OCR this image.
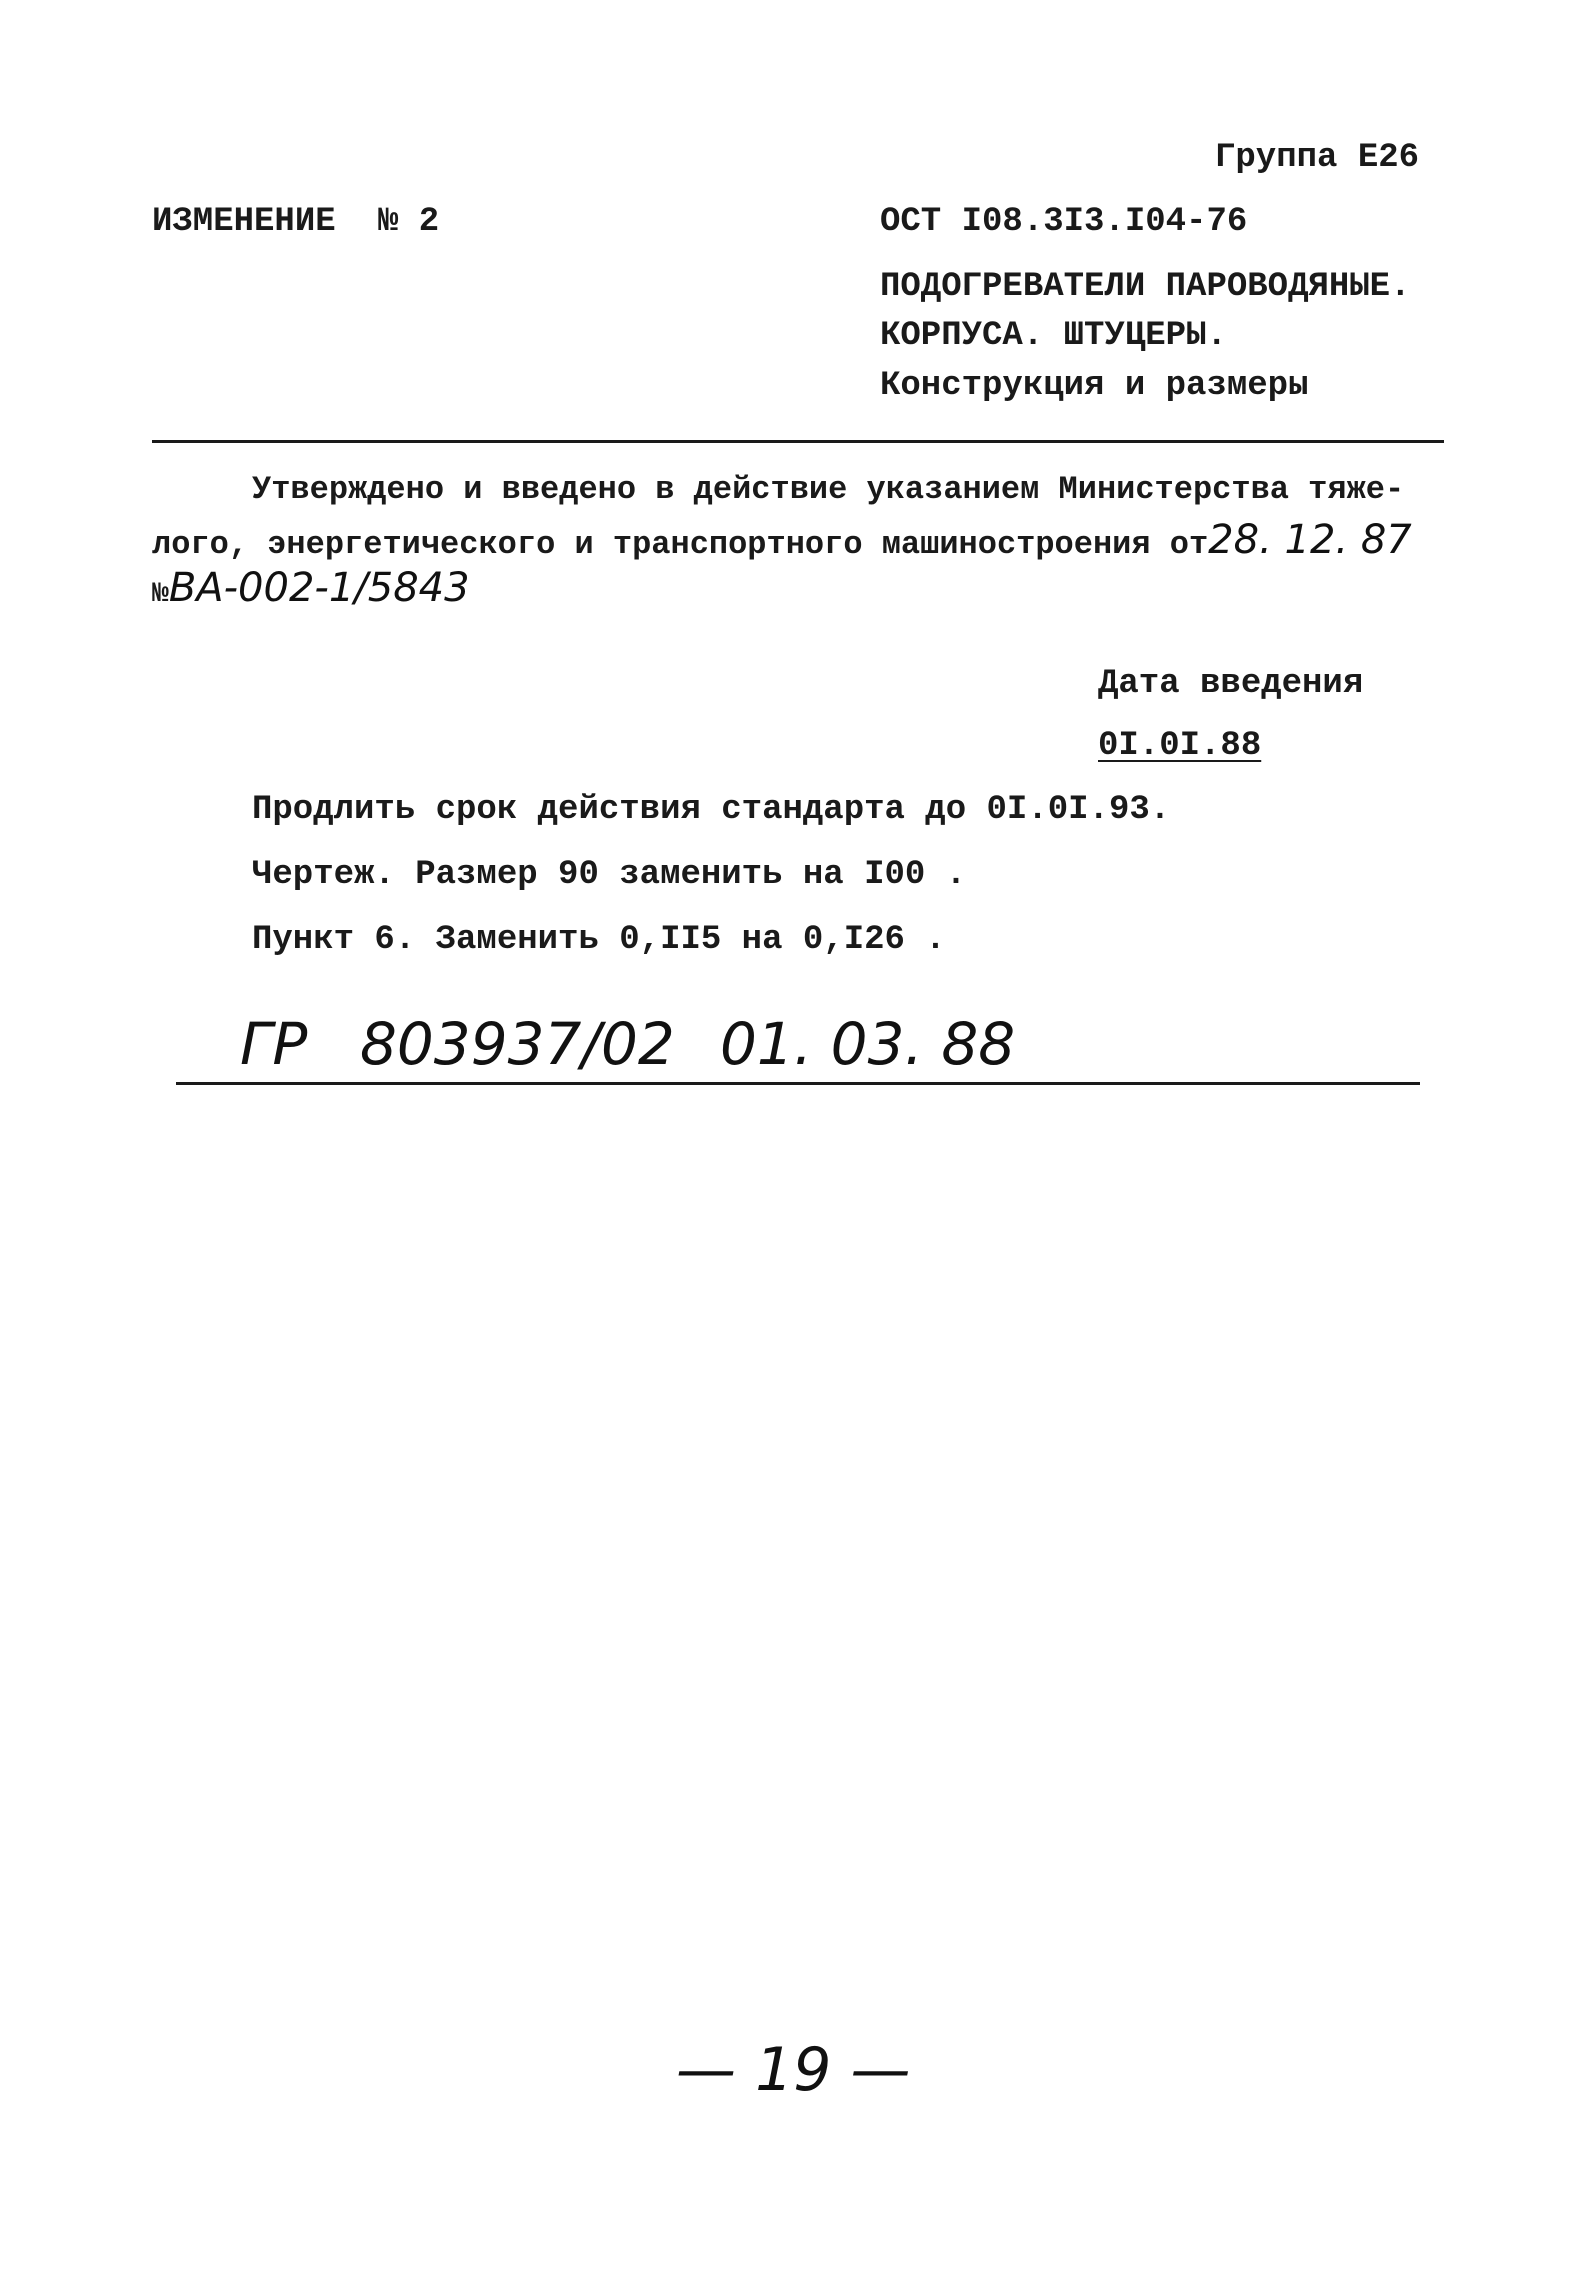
Группа Е26
ИЗМЕНЕНИЕ № 2	ОСТ I08.3I3.I04-76
ПОДОГРЕВАТЕЛИ ПАРОВОДЯНЫЕ.
КОРПУСА. ШТУЦЕРЫ.
Конструкция и размеры
Утверждено и введено в действие указанием Министерства тяже-
лого, энергетического и транспортного машиностроения от28. 12. 87
№ВА-002-1/5843
Дата введения
0I.0I.88
Продлить срок действия стандарта до 0I.0I.93.
Чертеж. Размер 90 заменить на I00 .
Пункт 6. Заменить 0,II5 на 0,I26 .
ГР 803937/02 01. 03. 88
— 19 —
